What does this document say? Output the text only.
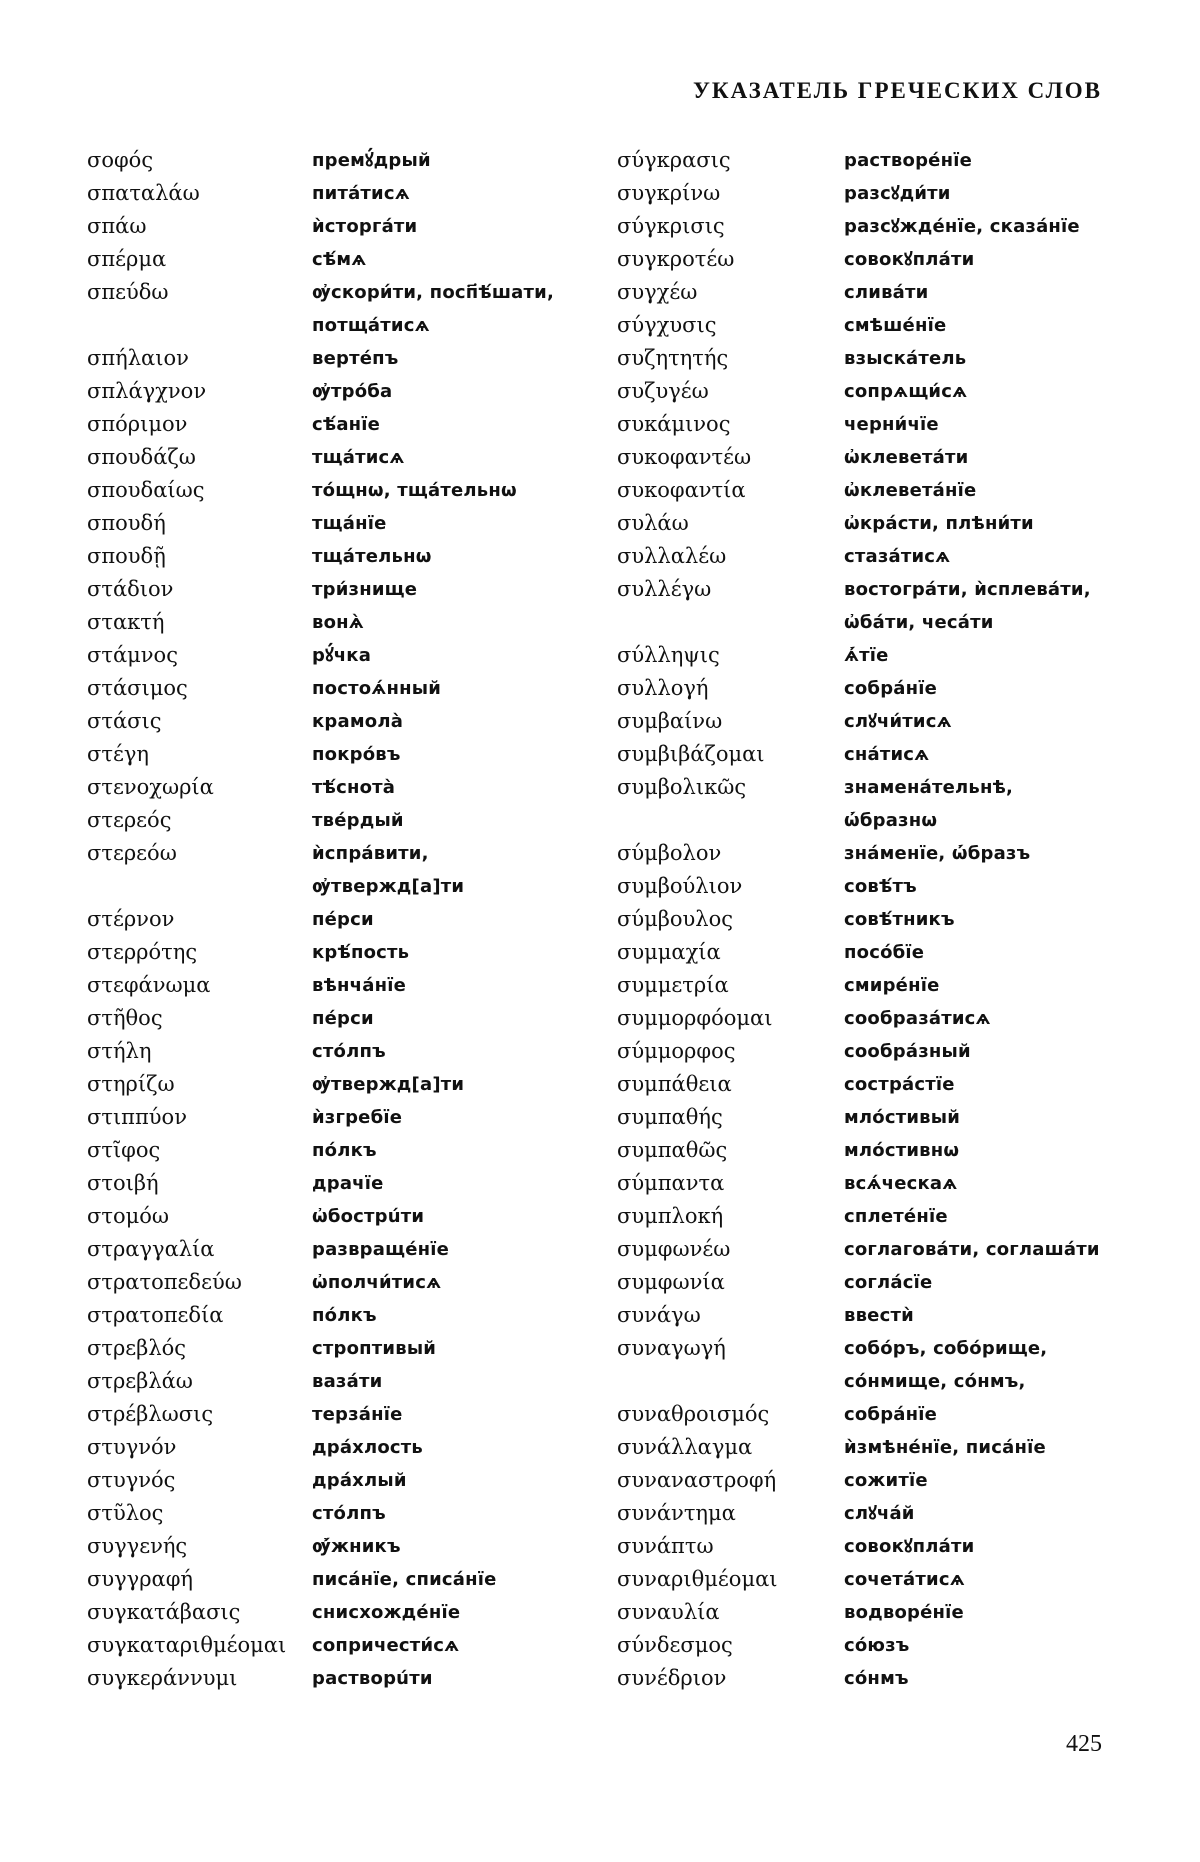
УКАЗАТЕЛЬ ГРЕЧЕСКИХ СЛОВ
σοφός
σπαταλάω
σπάω
σπέρμα
σπεύδω
σπήλαιον
σπλάγχνον
σπόριμον
σπουδάζω
σπουδαίως
σπουδή
σπουδῇ
στάδιον
στακτή
στάμνος
στάσιμος
στάσις
στέγη
στενοχωρία
στερεός
στερεόω
στέρνον
στερρότης
στεφάνωμα
στῆθος
στήλη
στηρίζω
στιππύον
στῖφος
στοιβή
στομόω
στραγγαλία
στρατοπεδεύω
στρατοπεδία
στρεβλός
στρεβλάω
στρέβλωσις
στυγνόν
στυγνός
στῦλος
συγγενής
συγγραφή
συγκατάβασις
συγκαταριθμέομαι
συγκεράννυμι
премꙋ́дрый
питáтисѧ
ѝсторгáти
сѣ́мѧ
ѹ҆скори́ти, посп҃ѣ́шати,
потща́тисѧ
вертéпъ
ѹ҆тро́ба
сѣ́анїе
тща́тисѧ
тóщнѡ, тщáтельнѡ
тщáнїе
тщáтельнѡ
три́знище
вонѧ̀
рꙋ́чка
постоѧ́нный
крамолà
покрóвъ
тѣ́снота̀
твéрдый
ѝспрáвити,
ѹ҆твержд[а]ти
пéрси
крѣ́пость
вѣнчáнїе
пéрси
стóлпъ
ѹ҆твержд[а]ти
ѝзгребїе
пóлкъ
драчїе
ѡ҆бострúти
развращéнїе
ѡ҆полчи́тисѧ
пóлкъ
строптивый
вазáти
терзáнїе
дрáхлость
дрáхлый
стóлпъ
ѹ҆́жникъ
писáнїе, списáнїе
снисхождéнїе
сопричести́сѧ
растворúти
σύγκρασις
συγκρίνω
σύγκρισις
συγκροτέω
συγχέω
σύγχυσις
συζητητής
συζυγέω
συκάμινος
συκοφαντέω
συκοφαντία
συλάω
συλλαλέω
συλλέγω
σύλληψις
συλλογή
συμβαίνω
συμβιβάζομαι
συμβολικῶς
σύμβολον
συμβούλιον
σύμβουλος
συμμαχία
συμμετρία
συμμορφόομαι
σύμμορφος
συμπάθεια
συμπαθής
συμπαθῶς
σύμπαντα
συμπλοκή
συμφωνέω
συμφωνία
συνάγω
συναγωγή
συναθροισμός
συνάλλαγμα
συναναστροφή
συνάντημα
συνάπτω
συναριθμέομαι
συναυλία
σύνδεσμος
συνέδριον
растворéнїе
разсꙋди́ти
разсꙋждéнїе, сказáнїе
совокꙋплáти
слива́ти
смѣшéнїе
взыскáтель
сопрѧщи́сѧ
черни́чїе
ѡ҆клеветáти
ѡ҆клеветáнїе
ѡ҆крáсти, плѣни́ти
стазáтисѧ
востогрáти, ѝсплевáти,
ѡ҆бáти, чесáти
ѧ҆́тїе
собрáнїе
слꙋчи́тисѧ
снáтисѧ
знаменáтельнѣ,
ѡ҆́бразнѡ
знáменїе, ѡ҆́бразъ
совѣ́тъ
совѣ́тникъ
посóбїе
смирéнїе
сообразáтисѧ
сообрáзный
сострáстїе
млóстивый
млóстивнѡ
всѧ́ческаѧ
сплетéнїе
соглаговáти, соглашáти
соглáсїе
ввестѝ
собóръ, собóрище,
сóнмище, сóнмъ,
собрáнїе
ѝзмѣнéнїе, писáнїе
сожитїе
слꙋчáй
совокꙋплáти
сочетáтисѧ
водворéнїе
сóюзъ
сóнмъ
425
